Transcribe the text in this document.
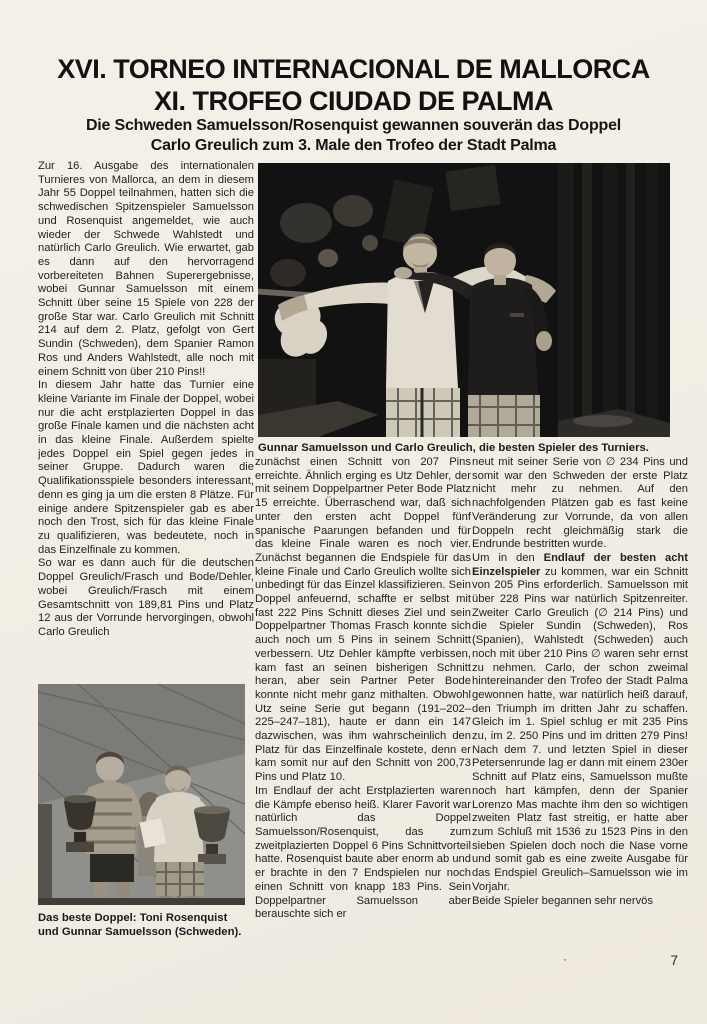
XVI. TORNEO INTERNACIONAL DE MALLORCA
XI. TROFEO CIUDAD DE PALMA
Die Schweden Samuelsson/Rosenquist gewannen souverän das Doppel
Carlo Greulich zum 3. Male den Trofeo der Stadt Palma
Gunnar Samuelsson und Carlo Greulich, die besten Spieler des Turniers.

Zur 16. Ausgabe des internationalen Turnieres von Mallorca, an dem in diesem Jahr 55 Doppel teilnahmen, hatten sich die schwedischen Spitzenspieler Samuelsson und Rosenquist angemeldet, wie auch wieder der Schwede Wahlstedt und natürlich Carlo Greulich. Wie erwartet, gab es dann auf den hervorragend vorbereiteten Bahnen Superergebnisse, wobei Gunnar Samuelsson mit einem Schnitt über seine 15 Spiele von 228 der große Star war. Carlo Greulich mit Schnitt 214 auf dem 2. Platz, gefolgt von Gert Sundin (Schweden), dem Spanier Ramon Ros und Anders Wahlstedt, alle noch mit einem Schnitt von über 210 Pins!!

In diesem Jahr hatte das Turnier eine kleine Variante im Finale der Doppel, wobei nur die acht erstplazierten Doppel in das große Finale kamen und die nächsten acht in das kleine Finale. Außerdem spielte jedes Doppel ein Spiel gegen jedes in seiner Gruppe. Dadurch waren die Qualifikationsspiele besonders interessant, denn es ging ja um die ersten 8 Plätze. Für einige andere Spitzenspieler gab es aber noch den Trost, sich für das kleine Finale zu qualifizieren, was bedeutete, noch in das Einzelfinale zu kommen.

So war es dann auch für die deutschen Doppel Greulich/Frasch und Bode/Dehler, wobei Greulich/Frasch mit einem Gesamtschnitt von 189,81 Pins und Platz 12 aus der Vorrunde hervorgingen, obwohl Carlo Greulich

Das beste Doppel: Toni Rosenquist und Gunnar Samuelsson (Schweden).

zunächst einen Schnitt von 207 Pins erreichte. Ähnlich erging es Utz Dehler, der mit seinem Doppelpartner Peter Bode Platz 15 erreichte. Überraschend war, daß sich unter den ersten acht Doppel fünf spanische Paarungen befanden und für das kleine Finale waren es noch vier. Zunächst begannen die Endspiele für das kleine Finale und Carlo Greulich wollte sich unbedingt für das Einzel klassifizieren. Sein Doppel anfeuernd, schaffte er selbst mit fast 222 Pins Schnitt dieses Ziel und sein Doppelpartner Thomas Frasch konnte sich auch noch um 5 Pins in seinem Schnitt verbessern. Utz Dehler kämpfte verbissen, kam fast an seinen bisherigen Schnitt heran, aber sein Partner Peter Bode konnte nicht mehr ganz mithalten. Obwohl Utz seine Serie gut begann (191–202–225–247–181), haute er dann ein 147 dazwischen, was ihm wahrscheinlich den Platz für das Einzelfinale kostete, denn er kam somit nur auf den Schnitt von 200,73 Pins und Platz 10.

Im Endlauf der acht Erstplazierten waren die Kämpfe ebenso heiß. Klarer Favorit war natürlich das Doppel Samuelsson/Rosenquist, das zum zweitplazierten Doppel 6 Pins Schnittvorteil hatte. Rosenquist baute aber enorm ab und er brachte in den 7 Endspielen nur noch einen Schnitt von knapp 183 Pins. Sein Doppelpartner Samuelsson aber berauschte sich er

neut mit seiner Serie von ∅ 234 Pins und somit war den Schweden der erste Platz nicht mehr zu nehmen. Auf den nachfolgenden Plätzen gab es fast keine Veränderung zur Vorrunde, da von allen Doppeln recht gleichmäßig stark die Endrunde bestritten wurde.

Um in den Endlauf der besten acht Einzelspieler zu kommen, war ein Schnitt von 205 Pins erforderlich. Samuelsson mit über 228 Pins war natürlich Spitzenreiter. Zweiter Carlo Greulich (∅ 214 Pins) und die Spieler Sundin (Schweden), Ros (Spanien), Wahlstedt (Schweden) auch noch mit über 210 Pins ∅ waren sehr ernst zu nehmen. Carlo, der schon zweimal hintereinander den Trofeo der Stadt Palma gewonnen hatte, war natürlich heiß darauf, den Triumph im dritten Jahr zu schaffen. Gleich im 1. Spiel schlug er mit 235 Pins zu, im 2. 250 Pins und im dritten 279 Pins! Nach dem 7. und letzten Spiel in dieser Petersenrunde lag er dann mit einem 230er Schnitt auf Platz eins, Samuelsson mußte noch hart kämpfen, denn der Spanier Lorenzo Mas machte ihm den so wichtigen zweiten Platz fast streitig, er hatte aber zum Schluß mit 1536 zu 1523 Pins in den sieben Spielen doch noch die Nase vorne und somit gab es eine zweite Ausgabe für das Endspiel Greulich–Samuelsson wie im Vorjahr.

Beide Spieler begannen sehr nervös

·	7
